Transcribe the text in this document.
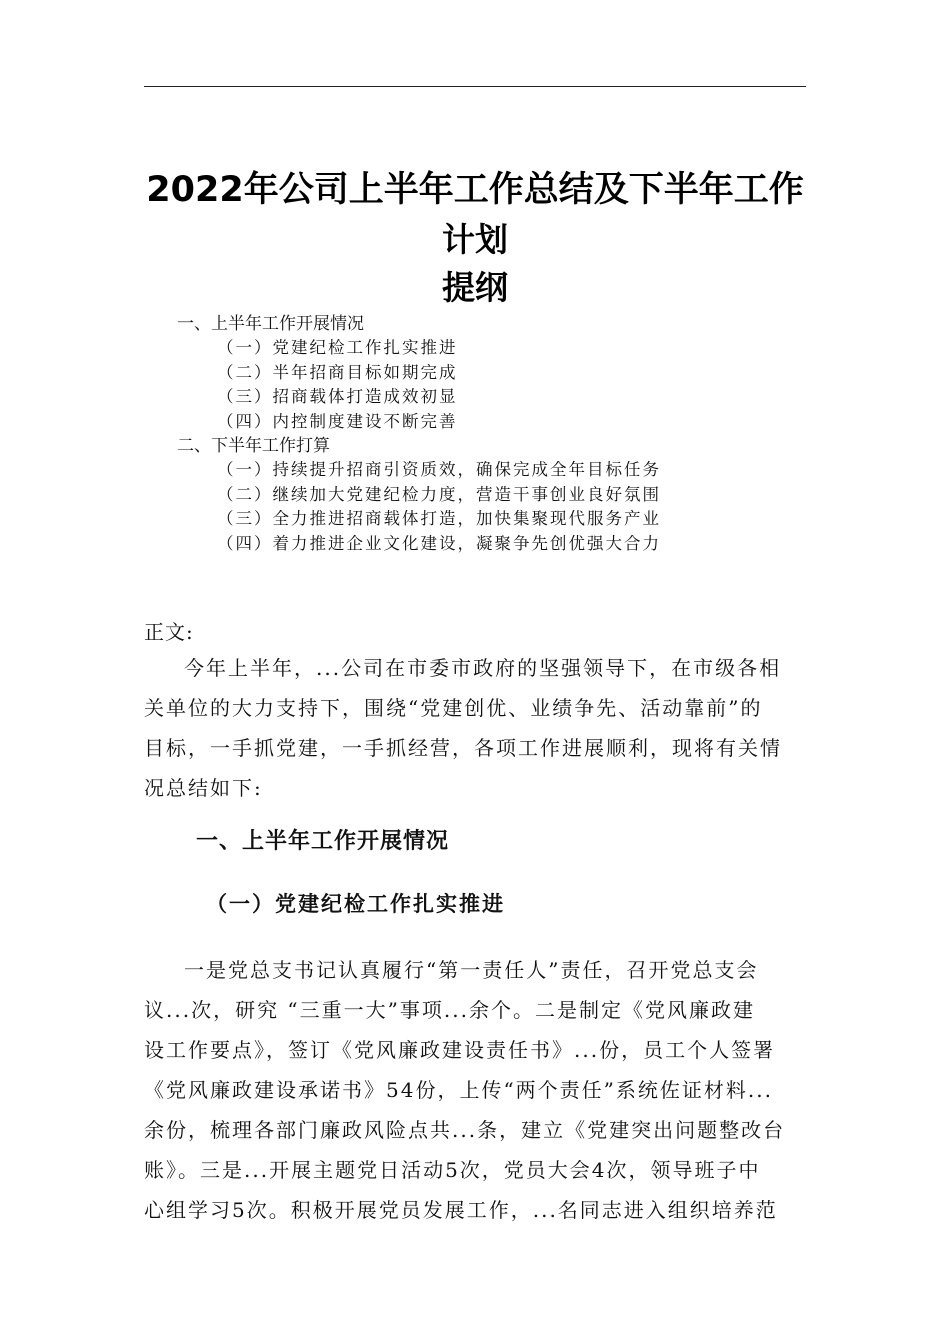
2022年公司上半年工作总结及下半年工作
计划
提纲
一、上半年工作开展情况
（一）党建纪检工作扎实推进
（二）半年招商目标如期完成
（三）招商载体打造成效初显
（四）内控制度建设不断完善
二、下半年工作打算
（一）持续提升招商引资质效，确保完成全年目标任务
（二）继续加大党建纪检力度，营造干事创业良好氛围
（三）全力推进招商载体打造，加快集聚现代服务产业
（四）着力推进企业文化建设，凝聚争先创优强大合力
正文:
今年上半年，...公司在市委市政府的坚强领导下，在市级各相
关单位的大力支持下，围绕“党建创优、业绩争先、活动靠前”的
目标，一手抓党建，一手抓经营，各项工作进展顺利，现将有关情
况总结如下:
一、上半年工作开展情况
（一）党建纪检工作扎实推进
一是党总支书记认真履行“第一责任人”责任，召开党总支会
议...次，研究 “三重一大”事项...余个。二是制定《党风廉政建
设工作要点》，签订《党风廉政建设责任书》...份，员工个人签署
《党风廉政建设承诺书》54份，上传“两个责任”系统佐证材料...
余份，梳理各部门廉政风险点共...条，建立《党建突出问题整改台
账》。三是...开展主题党日活动5次，党员大会4次，领导班子中
心组学习5次。积极开展党员发展工作，...名同志进入组织培养范
